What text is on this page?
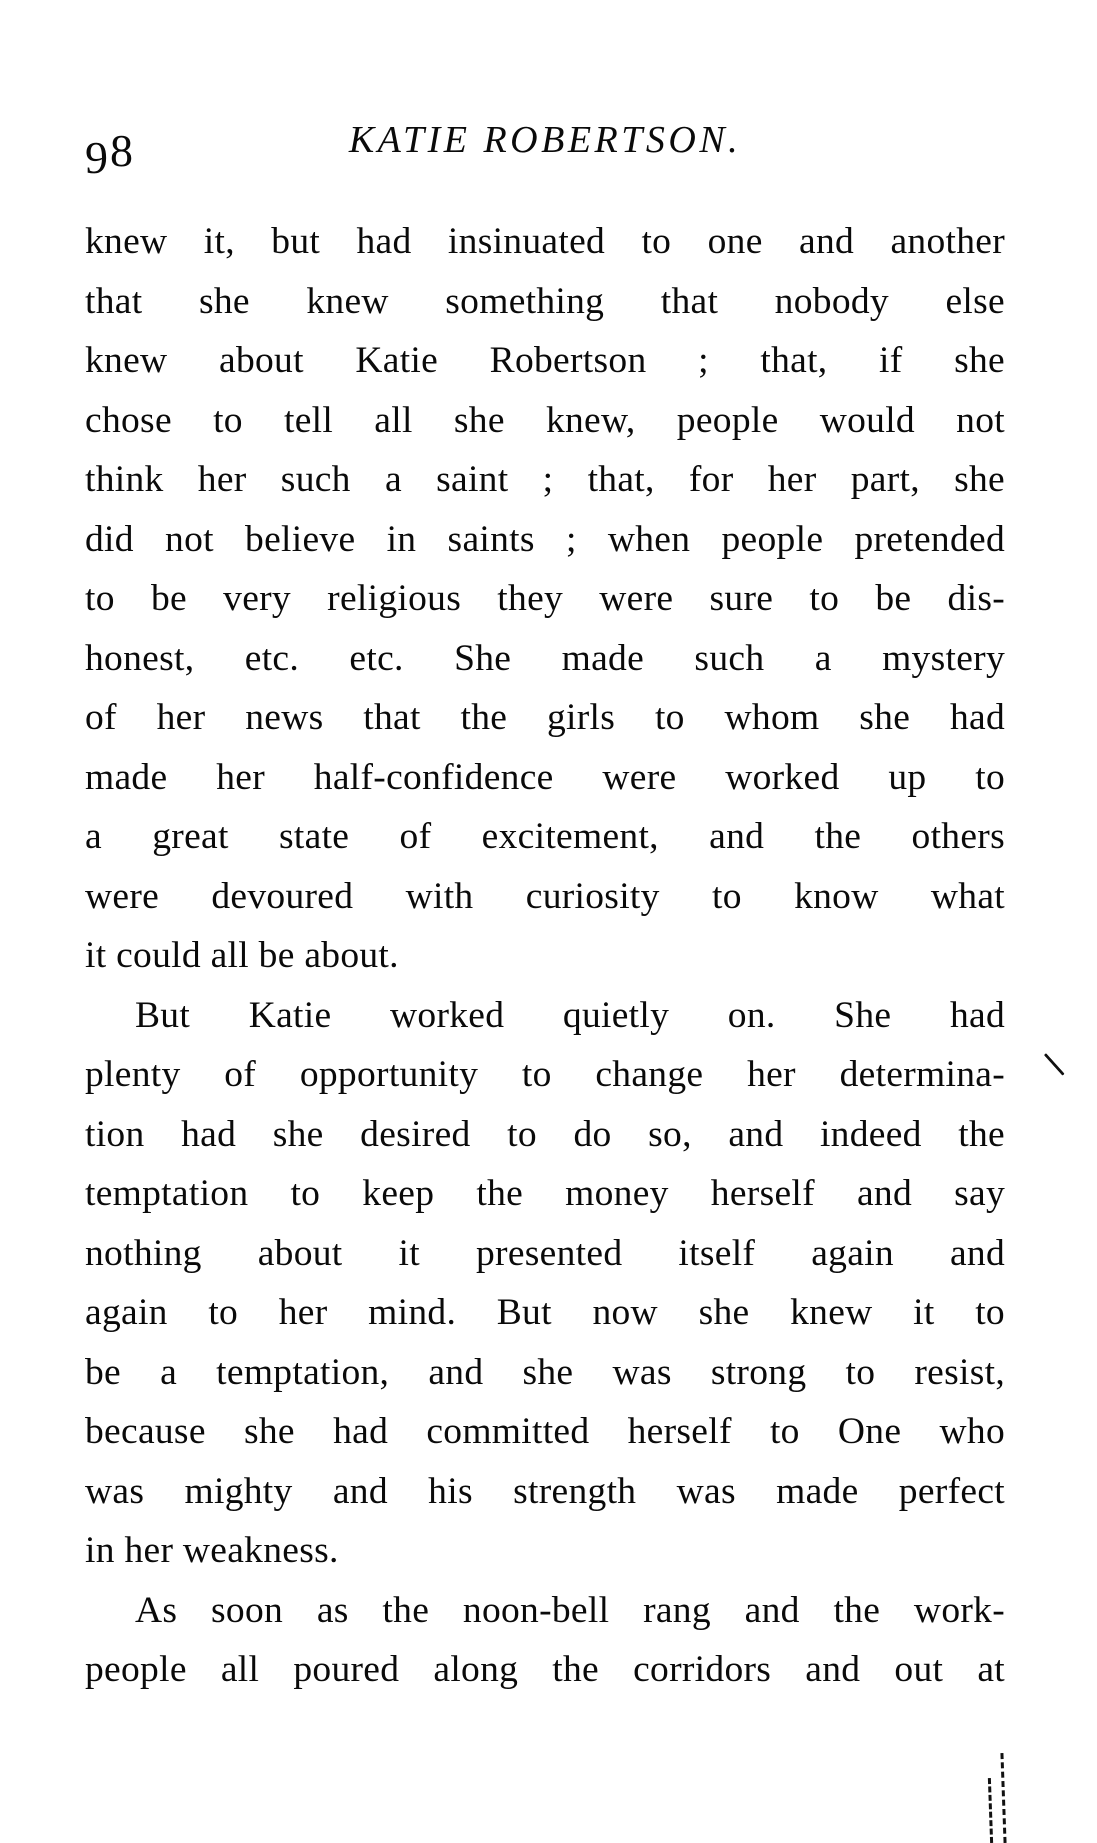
98	KATIE ROBERTSON.
knew it, but had insinuated to one and another
that she knew something that nobody else
knew about Katie Robertson ; that, if she
chose to tell all she knew, people would not
think her such a saint ; that, for her part, she
did not believe in saints ; when people pretended
to be very religious they were sure to be dis-
honest, etc. etc. She made such a mystery
of her news that the girls to whom she had
made her half-confidence were worked up to
a great state of excitement, and the others
were devoured with curiosity to know what
it could all be about.
But Katie worked quietly on. She had
plenty of opportunity to change her determina-
tion had she desired to do so, and indeed the
temptation to keep the money herself and say
nothing about it presented itself again and
again to her mind. But now she knew it to
be a temptation, and she was strong to resist,
because she had committed herself to One who
was mighty and his strength was made perfect
in her weakness.
As soon as the noon-bell rang and the work-
people all poured along the corridors and out at
